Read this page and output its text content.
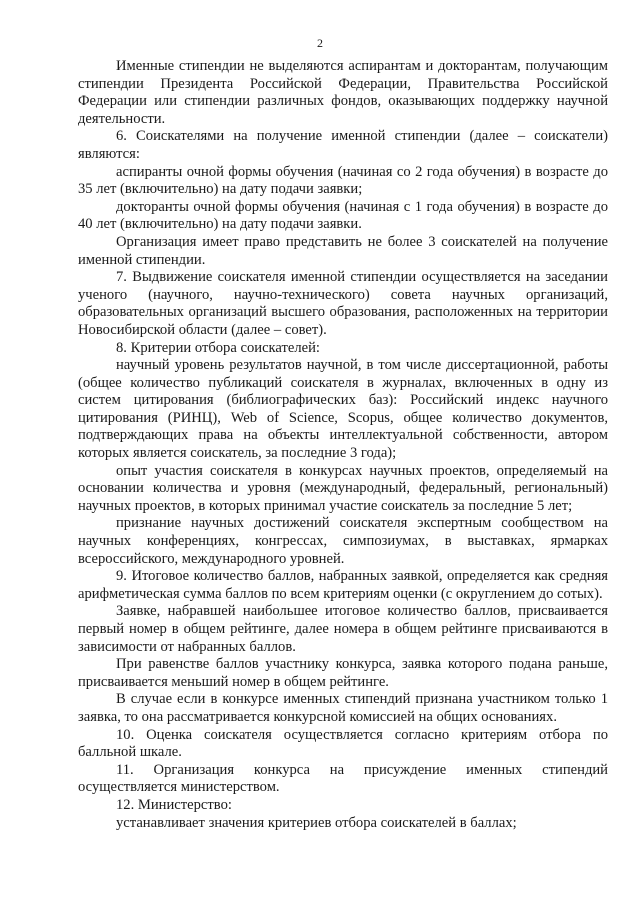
2

Именные стипендии не выделяются аспирантам и докторантам, получающим стипендии Президента Российской Федерации, Правительства Российской Федерации или стипендии различных фондов, оказывающих поддержку научной деятельности.

6. Соискателями на получение именной стипендии (далее – соискатели) являются:

аспиранты очной формы обучения (начиная со 2 года обучения) в возрасте до 35 лет (включительно) на дату подачи заявки;

докторанты очной формы обучения (начиная с 1 года обучения) в возрасте до 40 лет (включительно) на дату подачи заявки.

Организация имеет право представить не более 3 соискателей на получение именной стипендии.

7. Выдвижение соискателя именной стипендии осуществляется на заседании ученого (научного, научно-технического) совета научных организаций, образовательных организаций высшего образования, расположенных на территории Новосибирской области (далее – совет).

8. Критерии отбора соискателей:

научный уровень результатов научной, в том числе диссертационной, работы (общее количество публикаций соискателя в журналах, включенных в одну из систем цитирования (библиографических баз): Российский индекс научного цитирования (РИНЦ), Web of Science, Scopus, общее количество документов, подтверждающих права на объекты интеллектуальной собственности, автором которых является соискатель, за последние 3 года);

опыт участия соискателя в конкурсах научных проектов, определяемый на основании количества и уровня (международный, федеральный, региональный) научных проектов, в которых принимал участие соискатель за последние 5 лет;

признание научных достижений соискателя экспертным сообществом на научных конференциях, конгрессах, симпозиумах, в выставках, ярмарках всероссийского, международного уровней.

9. Итоговое количество баллов, набранных заявкой, определяется как средняя арифметическая сумма баллов по всем критериям оценки (с округлением до сотых).

Заявке, набравшей наибольшее итоговое количество баллов, присваивается первый номер в общем рейтинге, далее номера в общем рейтинге присваиваются в зависимости от набранных баллов.

При равенстве баллов участнику конкурса, заявка которого подана раньше, присваивается меньший номер в общем рейтинге.

В случае если в конкурсе именных стипендий признана участником только 1 заявка, то она рассматривается конкурсной комиссией на общих основаниях.

10. Оценка соискателя осуществляется согласно критериям отбора по балльной шкале.

11. Организация конкурса на присуждение именных стипендий осуществляется министерством.

12. Министерство:

устанавливает значения критериев отбора соискателей в баллах;
